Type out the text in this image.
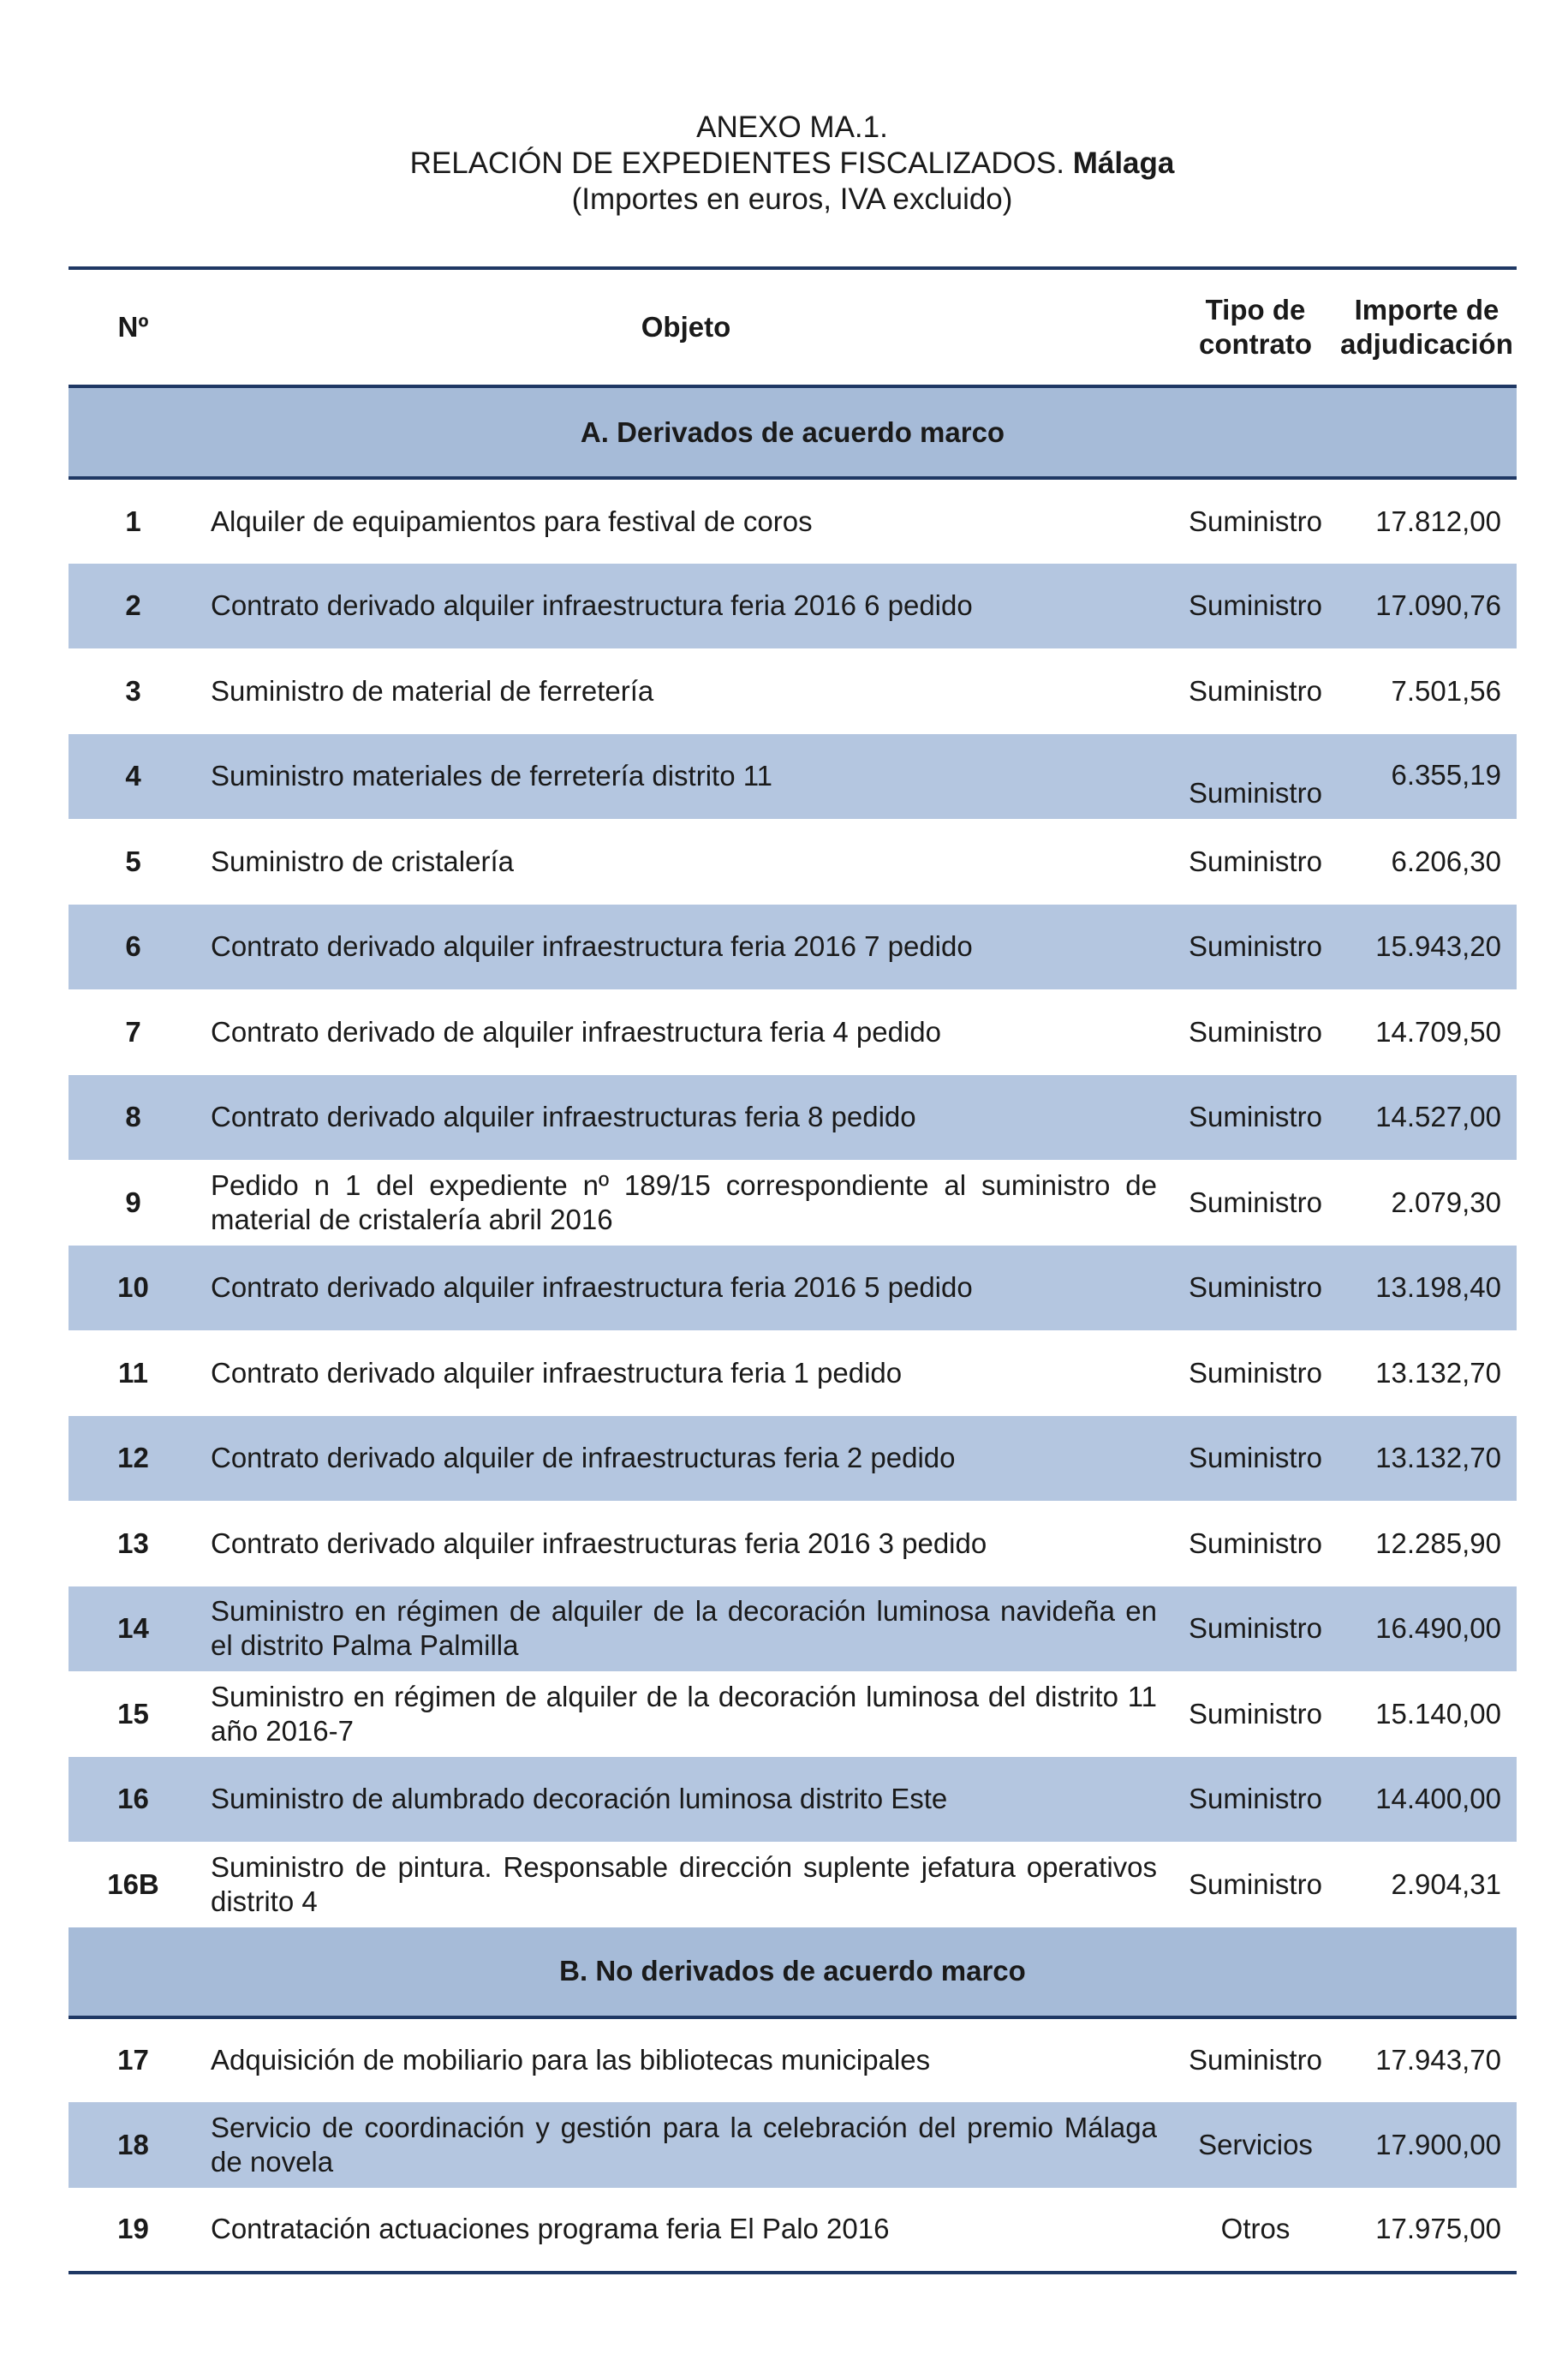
ANEXO MA.1.
RELACIÓN DE EXPEDIENTES FISCALIZADOS. Málaga
(Importes en euros, IVA excluido)
Nº	Objeto	Tipo de contrato	Importe de adjudicación
A. Derivados de acuerdo marco			
1	Alquiler de equipamientos para festival de coros	Suministro	17.812,00
2	Contrato derivado alquiler infraestructura feria 2016 6 pedido	Suministro	17.090,76
3	Suministro de material de ferretería	Suministro	7.501,56
4	Suministro materiales de ferretería distrito 11	Suministro	6.355,19
5	Suministro de cristalería	Suministro	6.206,30
6	Contrato derivado alquiler infraestructura feria 2016 7 pedido	Suministro	15.943,20
7	Contrato derivado de alquiler infraestructura feria 4 pedido	Suministro	14.709,50
8	Contrato derivado alquiler infraestructuras feria 8 pedido	Suministro	14.527,00
9	Pedido n 1 del expediente nº 189/15 correspondiente al suministro de material de cristalería abril 2016	Suministro	2.079,30
10	Contrato derivado alquiler infraestructura feria 2016 5 pedido	Suministro	13.198,40
11	Contrato derivado alquiler infraestructura feria 1 pedido	Suministro	13.132,70
12	Contrato derivado alquiler de infraestructuras feria 2 pedido	Suministro	13.132,70
13	Contrato derivado alquiler infraestructuras feria 2016 3 pedido	Suministro	12.285,90
14	Suministro en régimen de alquiler de la decoración luminosa navideña en el distrito Palma Palmilla	Suministro	16.490,00
15	Suministro en régimen de alquiler de la decoración luminosa del distrito 11 año 2016-7	Suministro	15.140,00
16	Suministro de alumbrado decoración luminosa distrito Este	Suministro	14.400,00
16B	Suministro de pintura. Responsable dirección suplente jefatura operativos distrito 4	Suministro	2.904,31
B. No derivados de acuerdo marco			
17	Adquisición de mobiliario para las bibliotecas municipales	Suministro	17.943,70
18	Servicio de coordinación y gestión para la celebración del premio Málaga de novela	Servicios	17.900,00
19	Contratación actuaciones programa feria El Palo 2016	Otros	17.975,00
